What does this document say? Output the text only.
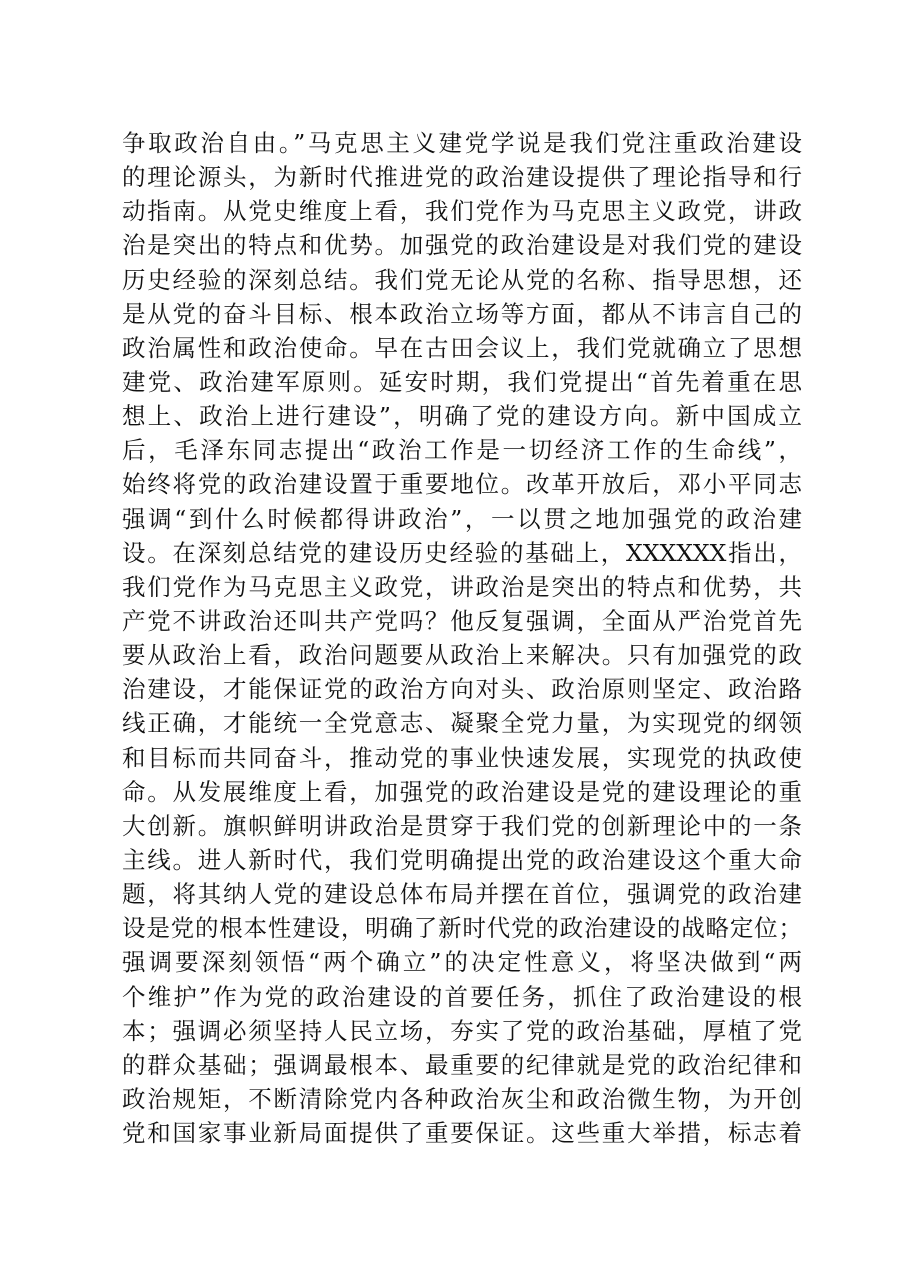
争取政治自由。”马克思主义建党学说是我们党注重政治建设
的理论源头，为新时代推进党的政治建设提供了理论指导和行
动指南。从党史维度上看，我们党作为马克思主义政党，讲政
治是突出的特点和优势。加强党的政治建设是对我们党的建设
历史经验的深刻总结。我们党无论从党的名称、指导思想，还
是从党的奋斗目标、根本政治立场等方面，都从不讳言自己的
政治属性和政治使命。早在古田会议上，我们党就确立了思想
建党、政治建军原则。延安时期，我们党提出“首先着重在思
想上、政治上进行建设”，明确了党的建设方向。新中国成立
后，毛泽东同志提出“政治工作是一切经济工作的生命线”，
始终将党的政治建设置于重要地位。改革开放后，邓小平同志
强调“到什么时候都得讲政治”，一以贯之地加强党的政治建
设。在深刻总结党的建设历史经验的基础上，XXXXXX指出，
我们党作为马克思主义政党，讲政治是突出的特点和优势，共
产党不讲政治还叫共产党吗？他反复强调，全面从严治党首先
要从政治上看，政治问题要从政治上来解决。只有加强党的政
治建设，才能保证党的政治方向对头、政治原则坚定、政治路
线正确，才能统一全党意志、凝聚全党力量，为实现党的纲领
和目标而共同奋斗，推动党的事业快速发展，实现党的执政使
命。从发展维度上看，加强党的政治建设是党的建设理论的重
大创新。旗帜鲜明讲政治是贯穿于我们党的创新理论中的一条
主线。进人新时代，我们党明确提出党的政治建设这个重大命
题，将其纳人党的建设总体布局并摆在首位，强调党的政治建
设是党的根本性建设，明确了新时代党的政治建设的战略定位；
强调要深刻领悟“两个确立”的决定性意义，将坚决做到“两
个维护”作为党的政治建设的首要任务，抓住了政治建设的根
本；强调必须坚持人民立场，夯实了党的政治基础，厚植了党
的群众基础；强调最根本、最重要的纪律就是党的政治纪律和
政治规矩，不断清除党内各种政治灰尘和政治微生物，为开创
党和国家事业新局面提供了重要保证。这些重大举措，标志着
